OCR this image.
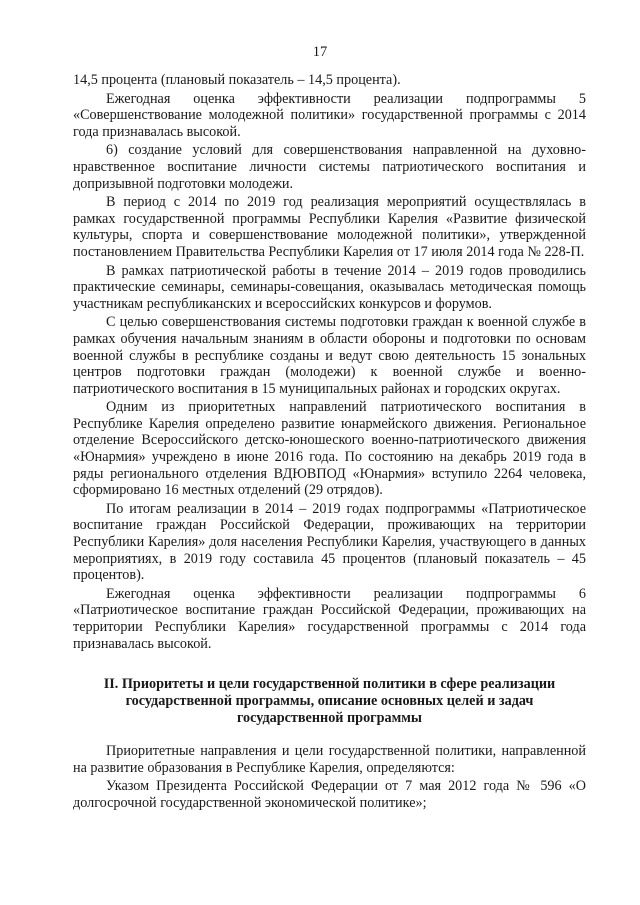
17

14,5 процента (плановый показатель – 14,5 процента).

Ежегодная оценка эффективности реализации подпрограммы 5 «Совершенствование молодежной политики» государственной программы с 2014 года признавалась высокой.

6) создание условий для совершенствования направленной на духовно-нравственное воспитание личности системы патриотического воспитания и допризывной подготовки молодежи.

В период с 2014 по 2019 год реализация мероприятий осуществлялась в рамках государственной программы Республики Карелия «Развитие физической культуры, спорта и совершенствование молодежной политики», утвержденной постановлением Правительства Республики Карелия от 17 июля 2014 года № 228-П.

В рамках патриотической работы в течение 2014 – 2019 годов проводились практические семинары, семинары-совещания, оказывалась методическая помощь участникам республиканских и всероссийских конкурсов и форумов.

С целью совершенствования системы подготовки граждан к военной службе в рамках обучения начальным знаниям в области обороны и подготовки по основам военной службы в республике созданы и ведут свою деятельность 15 зональных центров подготовки граждан (молодежи) к военной службе и военно-патриотического воспитания в 15 муниципальных районах и городских округах.

Одним из приоритетных направлений патриотического воспитания в Республике Карелия определено развитие юнармейского движения. Региональное отделение Всероссийского детско-юношеского военно-патриотического движения «Юнармия» учреждено в июне 2016 года. По состоянию на декабрь 2019 года в ряды регионального отделения ВДЮВПОД «Юнармия» вступило 2264 человека, сформировано 16 местных отделений (29 отрядов).

По итогам реализации в 2014 – 2019 годах подпрограммы «Патриотическое воспитание граждан Российской Федерации, проживающих на территории Республики Карелия» доля населения Республики Карелия, участвующего в данных мероприятиях, в 2019 году составила 45 процентов (плановый показатель – 45 процентов).

Ежегодная оценка эффективности реализации подпрограммы 6 «Патриотическое воспитание граждан Российской Федерации, проживающих на территории Республики Карелия» государственной программы с 2014 года признавалась высокой.

II. Приоритеты и цели государственной политики в сфере реализации
государственной программы, описание основных целей и задач
государственной программы

Приоритетные направления и цели государственной политики, направленной на развитие образования в Республике Карелия, определяются:

Указом Президента Российской Федерации от 7 мая 2012 года № 596 «О долгосрочной государственной экономической политике»;
